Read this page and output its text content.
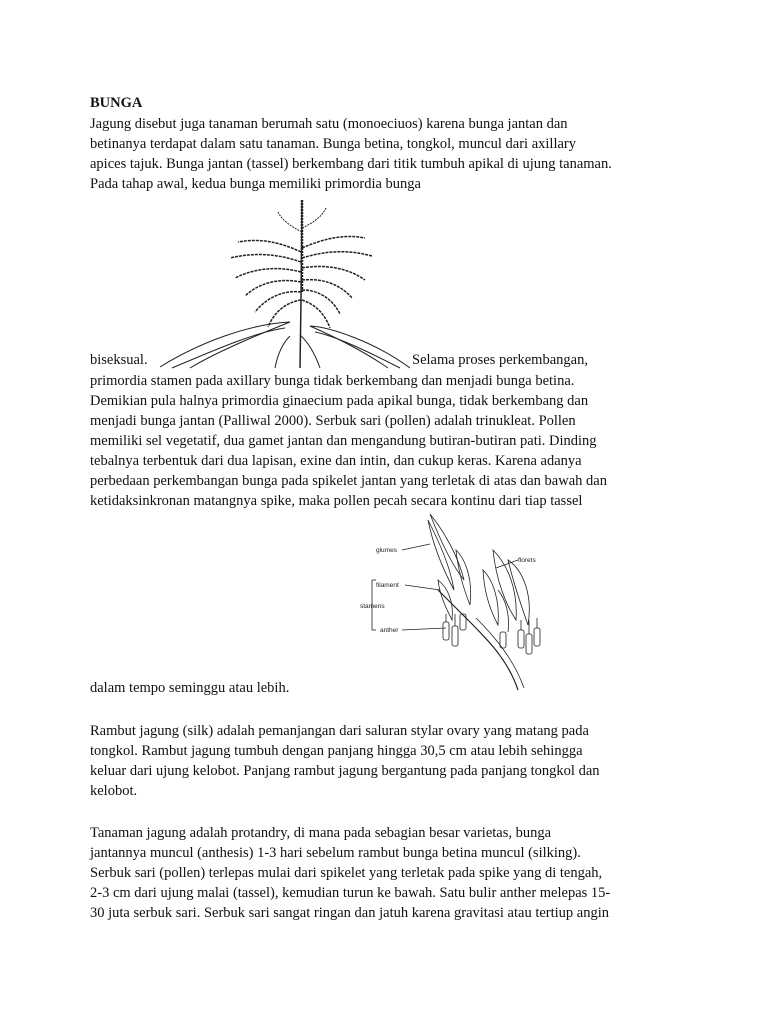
BUNGA
Jagung disebut juga tanaman berumah satu (monoeciuos) karena bunga jantan dan
betinanya terdapat dalam satu tanaman. Bunga betina, tongkol, muncul dari axillary
apices tajuk. Bunga jantan (tassel) berkembang dari titik tumbuh apikal di ujung tanaman.
Pada tahap awal, kedua bunga memiliki primordia bunga
biseksual.	Selama proses perkembangan,
primordia stamen pada axillary bunga tidak berkembang dan menjadi bunga betina.
Demikian pula halnya primordia ginaecium pada apikal bunga, tidak berkembang dan
menjadi bunga jantan (Palliwal 2000). Serbuk sari (pollen) adalah trinukleat. Pollen
memiliki sel vegetatif, dua gamet jantan dan mengandung butiran-butiran pati. Dinding
tebalnya terbentuk dari dua lapisan, exine dan intin, dan cukup keras. Karena adanya
perbedaan perkembangan bunga pada spikelet jantan yang terletak di atas dan bawah dan
ketidaksinkronan matangnya spike, maka pollen pecah secara kontinu dari tiap tassel
glumes
florets
filament
stamens
anther
dalam tempo seminggu atau lebih.
Rambut jagung (silk) adalah pemanjangan dari saluran stylar ovary yang matang pada
tongkol. Rambut jagung tumbuh dengan panjang hingga 30,5 cm atau lebih sehingga
keluar dari ujung kelobot. Panjang rambut jagung bergantung pada panjang tongkol dan
kelobot.
Tanaman jagung adalah protandry, di mana pada sebagian besar varietas, bunga
jantannya muncul (anthesis) 1-3 hari sebelum rambut bunga betina muncul (silking).
Serbuk sari (pollen) terlepas mulai dari spikelet yang terletak pada spike yang di tengah,
2-3 cm dari ujung malai (tassel), kemudian turun ke bawah. Satu bulir anther melepas 15-
30 juta serbuk sari. Serbuk sari sangat ringan dan jatuh karena gravitasi atau tertiup angin
